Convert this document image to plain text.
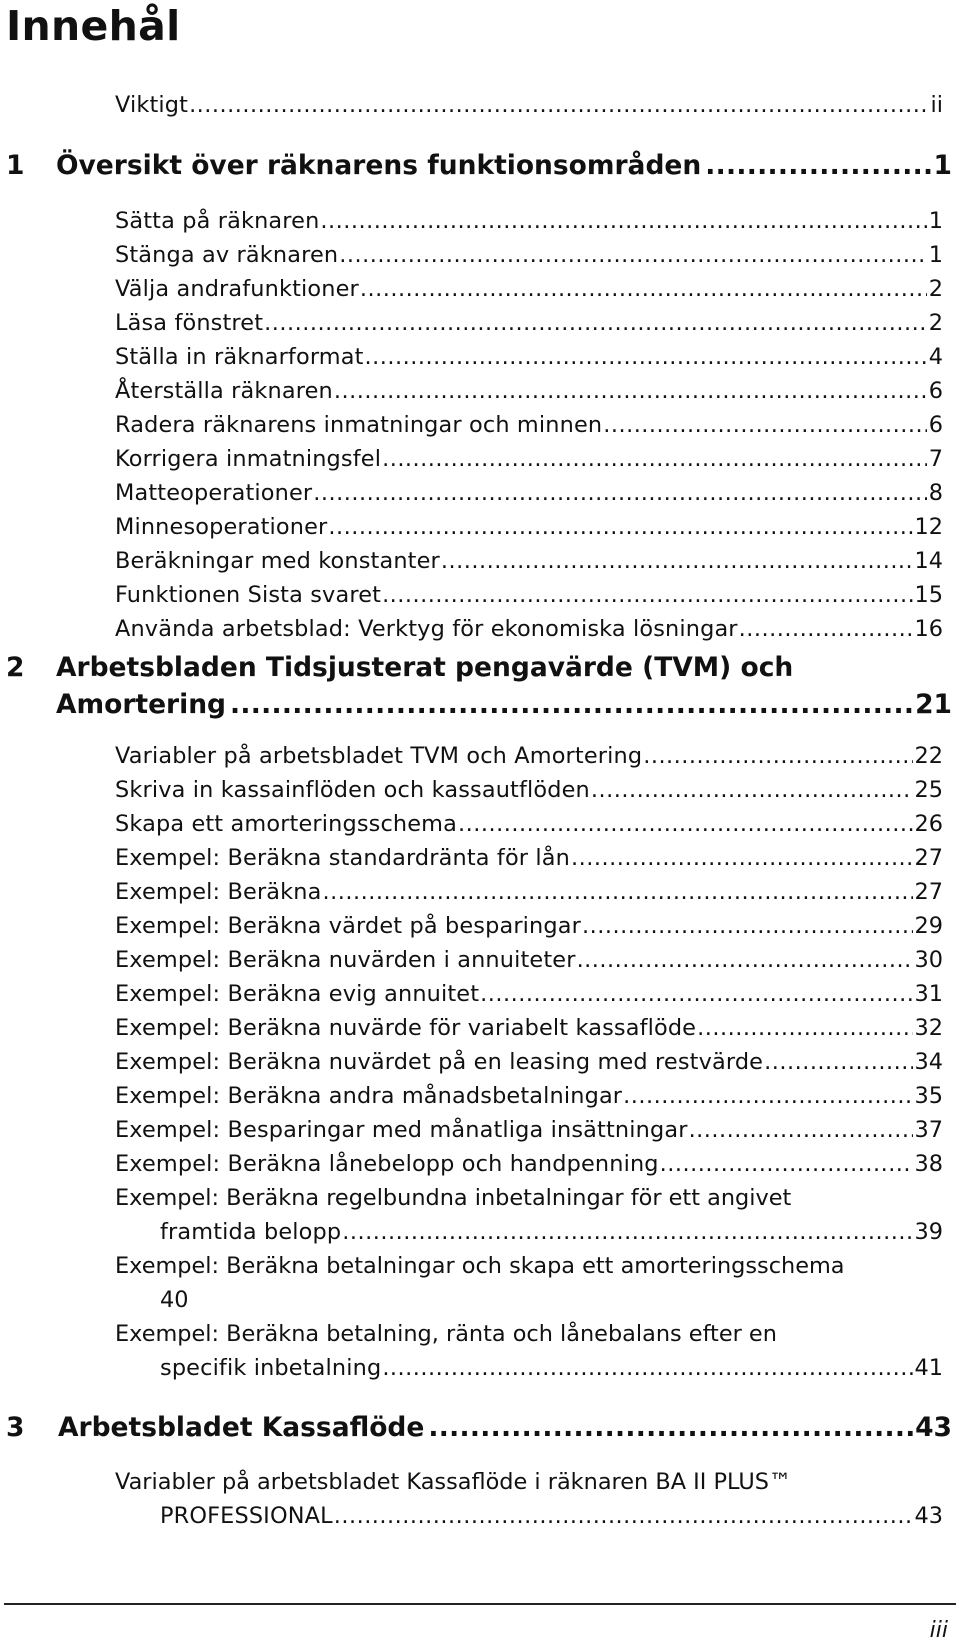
Innehål
Viktigt .....	ii
1	Översikt över räknarens funktionsområden .....	1
Sätta på räknaren .....	1
Stänga av räknaren .....	1
Välja andrafunktioner .....	2
Läsa fönstret .....	2
Ställa in räknarformat .....	4
Återställa räknaren .....	6
Radera räknarens inmatningar och minnen .....	6
Korrigera inmatningsfel .....	7
Matteoperationer .....	8
Minnesoperationer .....	12
Beräkningar med konstanter .....	14
Funktionen Sista svaret .....	15
Använda arbetsblad: Verktyg för ekonomiska lösningar .....	16
2 Arbetsbladen Tidsjusterat pengavärde (TVM) och
Amortering .....	21
Variabler på arbetsbladet TVM och Amortering .....	22
Skriva in kassainflöden och kassautflöden .....	25
Skapa ett amorteringsschema .....	26
Exempel: Beräkna standardränta för lån .....	27
Exempel: Beräkna .....	27
Exempel: Beräkna värdet på besparingar .....	29
Exempel: Beräkna nuvärden i annuiteter .....	30
Exempel: Beräkna evig annuitet .....	31
Exempel: Beräkna nuvärde för variabelt kassaflöde .....	32
Exempel: Beräkna nuvärdet på en leasing med restvärde .....	34
Exempel: Beräkna andra månadsbetalningar .....	35
Exempel: Besparingar med månatliga insättningar .....	37
Exempel: Beräkna lånebelopp och handpenning .....	38
Exempel: Beräkna regelbundna inbetalningar för ett angivet
framtida belopp .....	39
Exempel: Beräkna betalningar och skapa ett amorteringsschema
40
Exempel: Beräkna betalning, ränta och lånebalans efter en
specifik inbetalning .....	41
3	Arbetsbladet Kassaflöde .....	43
Variabler på arbetsbladet Kassaflöde i räknaren BA II PLUS™
PROFESSIONAL .....	43
iii
